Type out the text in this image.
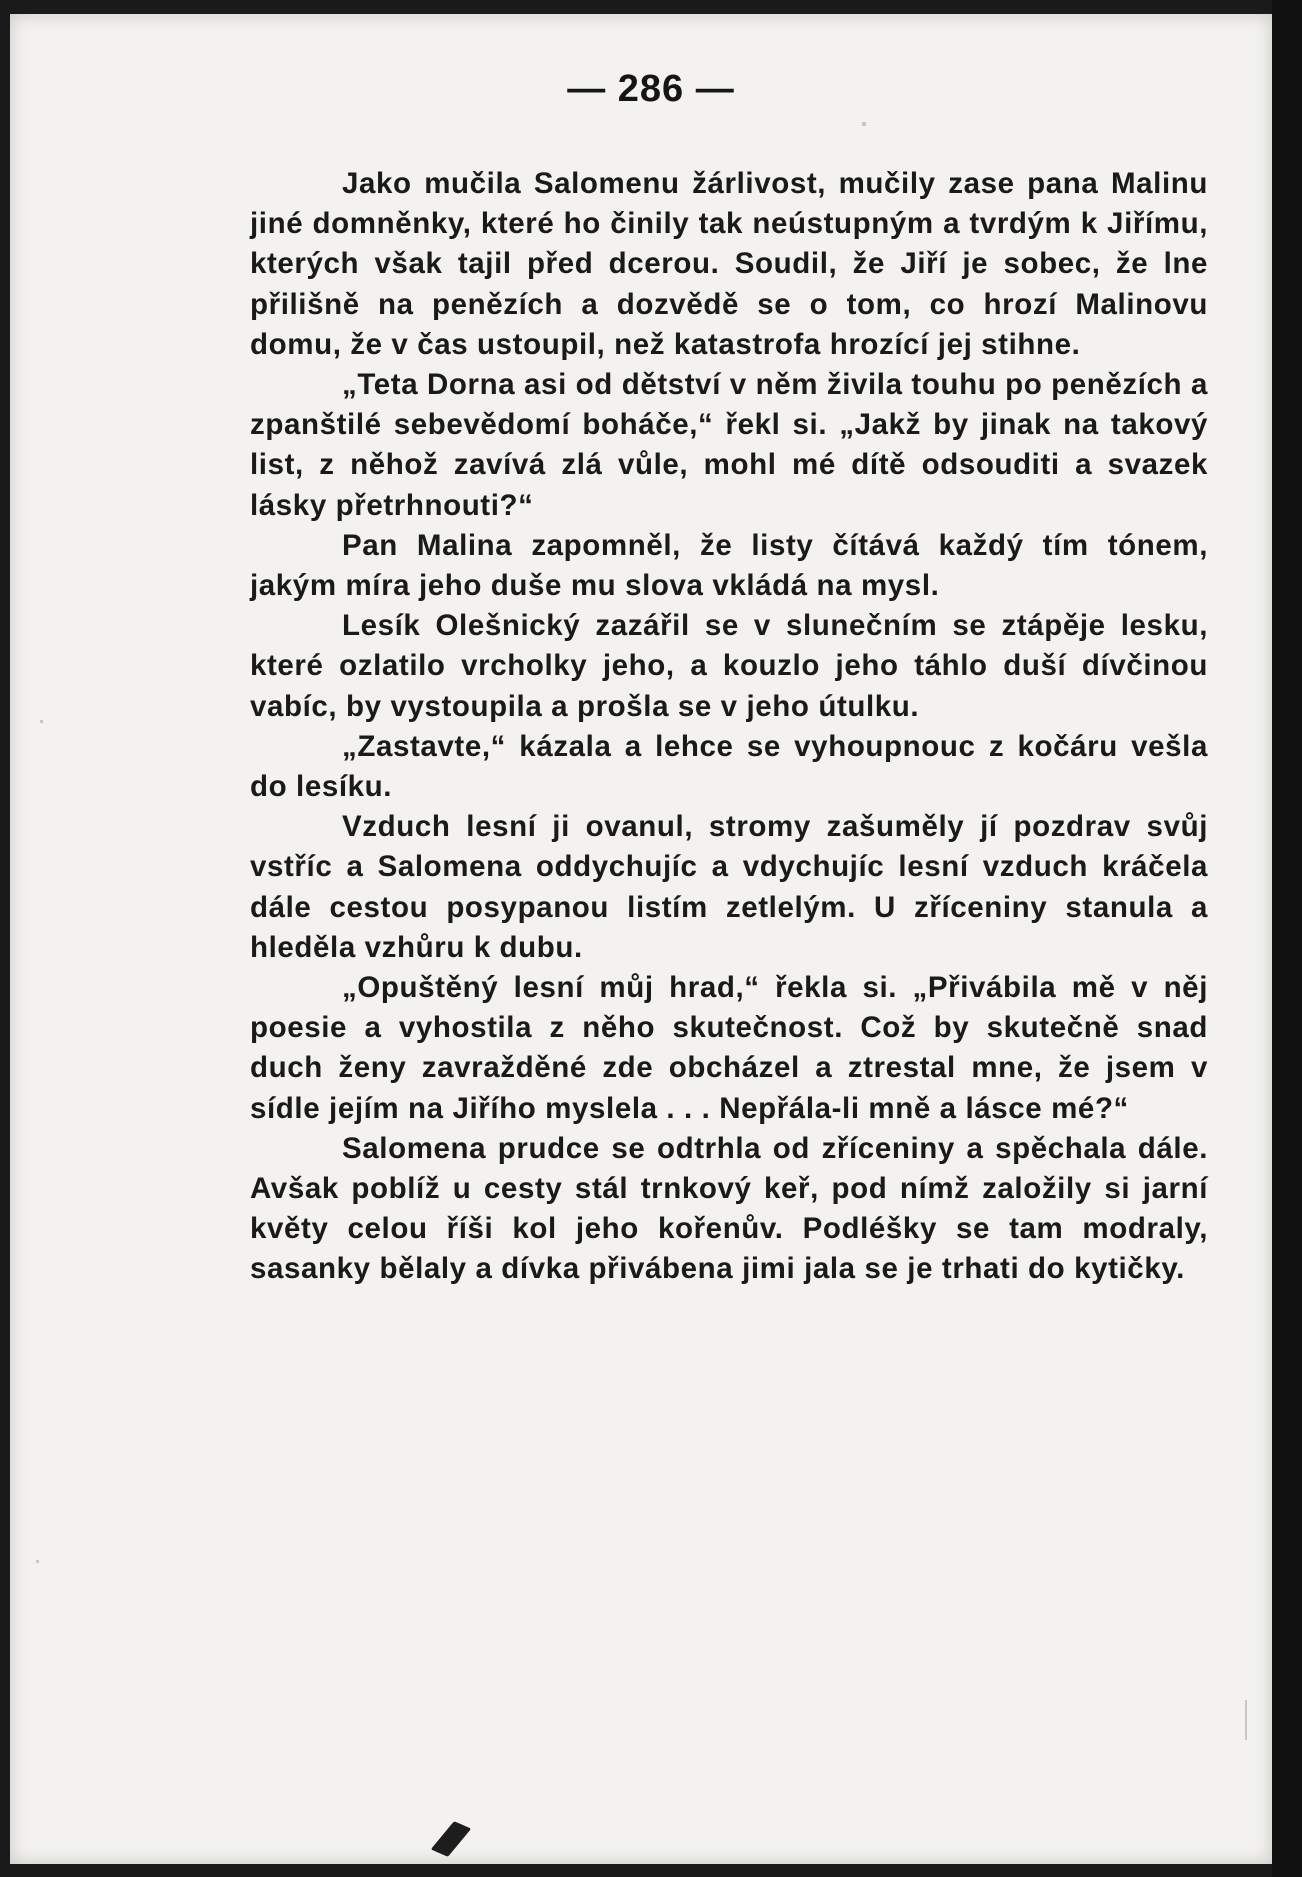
— 286 —

Jako mučila Salomenu žárlivost, mučily zase pana Malinu jiné domněnky, které ho činily tak neústupným a tvrdým k Jiřímu, kterých však tajil před dcerou. Soudil, že Jiří je sobec, že lne přilišně na penězích a dozvědě se o tom, co hrozí Malinovu domu, že v čas ustoupil, než katastrofa hrozící jej stihne.

„Teta Dorna asi od dětství v něm živila touhu po penězích a zpanštilé sebevědomí boháče,“ řekl si. „Jakž by jinak na takový list, z něhož zavívá zlá vůle, mohl mé dítě odsouditi a svazek lásky přetrhnouti?“

Pan Malina zapomněl, že listy čítává každý tím tónem, jakým míra jeho duše mu slova vkládá na mysl.

Lesík Olešnický zazářil se v slunečním se ztápěje lesku, které ozlatilo vrcholky jeho, a kouzlo jeho táhlo duší dívčinou vabíc, by vystoupila a prošla se v jeho útulku.

„Zastavte,“ kázala a lehce se vyhoupnouc z kočáru vešla do lesíku.

Vzduch lesní ji ovanul, stromy zašuměly jí pozdrav svůj vstříc a Salomena oddychujíc a vdychujíc lesní vzduch kráčela dále cestou posypanou listím zetlelým. U zříceniny stanula a hleděla vzhůru k dubu.

„Opuštěný lesní můj hrad,“ řekla si. „Přivábila mě v něj poesie a vyhostila z něho skutečnost. Což by skutečně snad duch ženy zavražděné zde obcházel a ztrestal mne, že jsem v sídle jejím na Jiřího myslela . . . Nepřála-li mně a lásce mé?“

Salomena prudce se odtrhla od zříceniny a spěchala dále. Avšak poblíž u cesty stál trnkový keř, pod nímž založily si jarní květy celou říši kol jeho kořenův. Podléšky se tam modraly, sasanky bělaly a dívka přivábena jimi jala se je trhati do kytičky.
